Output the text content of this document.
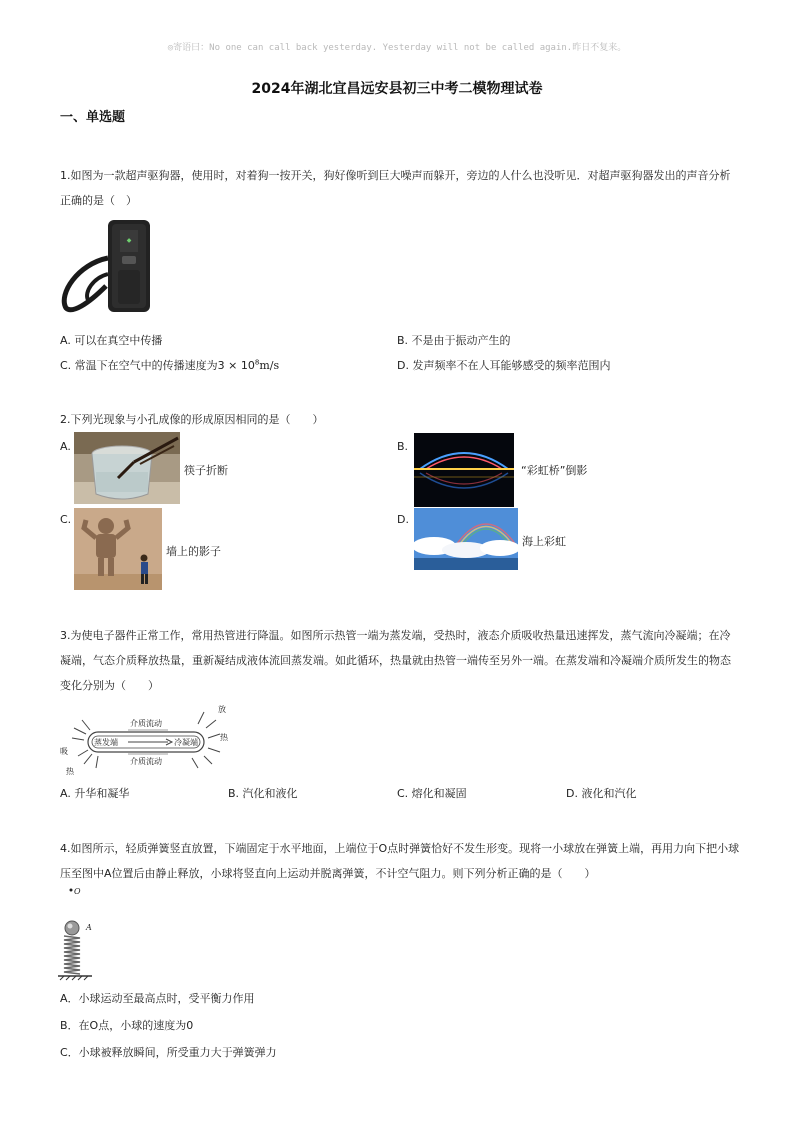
◎寄语曰：No one can call back yesterday. Yesterday will not be called again.昨日不复来。
2024年湖北宜昌远安县初三中考二模物理试卷
一、单选题
1.如图为一款超声驱狗器，使用时，对着狗一按开关，狗好像听到巨大噪声而躲开，旁边的人什么也没听见．对超声驱狗器发出的声音分析正确的是（　）
◆
A. 可以在真空中传播	B. 不是由于振动产生的
C. 常温下在空气中的传播速度为$3 \times 10^8m/s$	D. 发声频率不在人耳能够感受的频率范围内
2.下列光现象与小孔成像的形成原因相同的是（　　）
A.
筷子折断
B.
“彩虹桥”倒影
C.
墙上的影子
D.
海上彩虹
3.为使电子器件正常工作，常用热管进行降温。如图所示热管一端为蒸发端，受热时，液态介质吸收热量迅速挥发，蒸气流向冷凝端；在冷凝端，气态介质释放热量，重新凝结成液体流回蒸发端。如此循环，热量就由热管一端传至另外一端。在蒸发端和冷凝端介质所发生的物态变化分别为（　　）
吸
热
放
热
蒸发端	冷凝端
介质流动
介质流动
A. 升华和凝华	B. 汽化和液化	C. 熔化和凝固	D. 液化和汽化
4.如图所示，轻质弹簧竖直放置，下端固定于水平地面，上端位于O点时弹簧恰好不发生形变。现将一小球放在弹簧上端，再用力向下把小球压至图中A位置后由静止释放，小球将竖直向上运动并脱离弹簧，不计空气阻力。则下列分析正确的是（　　）
O
A
A．小球运动至最高点时，受平衡力作用
B．在O点，小球的速度为0
C．小球被释放瞬间，所受重力大于弹簧弹力
